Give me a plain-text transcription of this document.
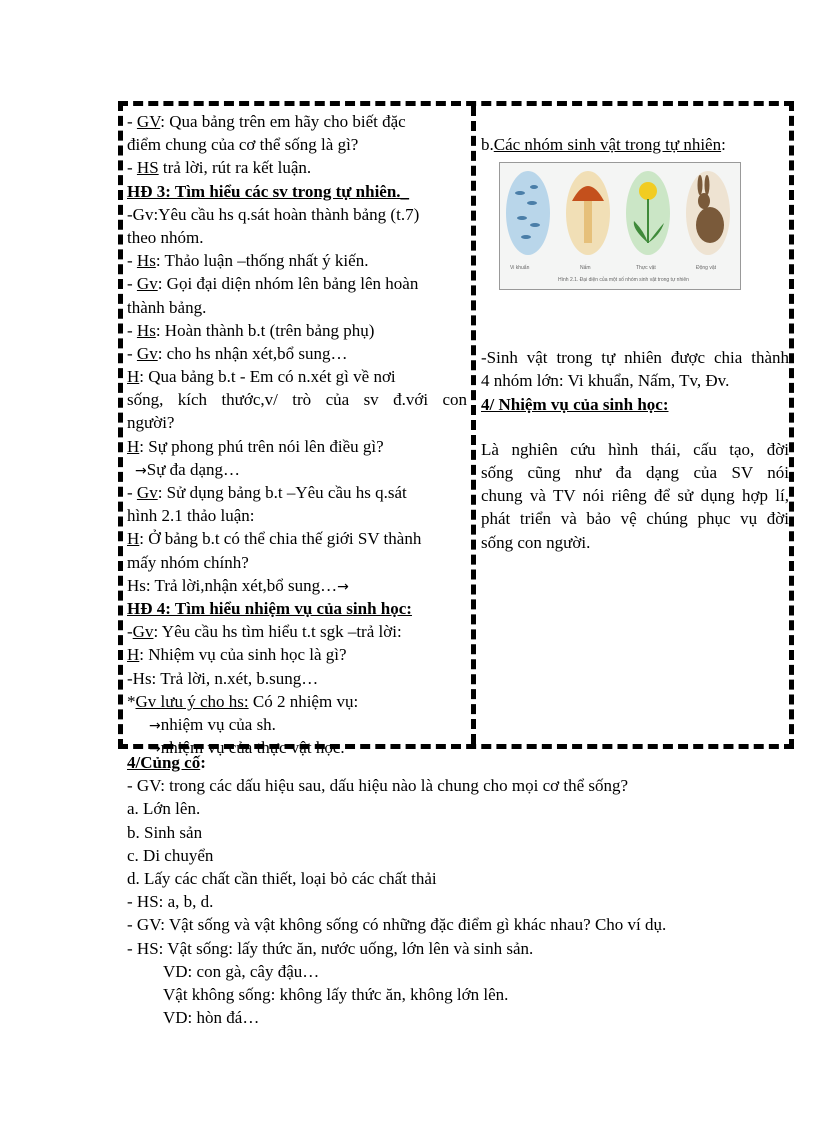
- GV: Qua bảng trên em hãy cho biết đặc
điểm chung của cơ thể sống là gì?
- HS trả lời, rút ra kết luận.
HĐ 3: Tìm hiểu các sv trong tự nhiên._
-Gv:Yêu cầu hs q.sát hoàn thành bảng (t.7)
theo nhóm.
- Hs: Thảo luận –thống nhất ý kiến.
- Gv: Gọi đại diện nhóm lên bảng lên hoàn
thành bảng.
- Hs: Hoàn thành b.t (trên bảng phụ)
- Gv: cho hs nhận xét,bổ sung…
H: Qua bảng b.t - Em có n.xét gì về nơi
sống, kích thước,v/ trò của sv đ.với con
người?
H: Sự phong phú trên nói lên điều gì?
→Sự đa dạng…
- Gv: Sử dụng bảng b.t –Yêu cầu hs q.sát
hình 2.1 thảo luận:
H: Ở bảng b.t có thể chia thế giới SV thành
mấy nhóm chính?
Hs: Trả lời,nhận xét,bổ sung…→
HĐ 4: Tìm hiểu nhiệm vụ của sinh học:
-Gv: Yêu cầu hs tìm hiểu t.t sgk –trả lời:
H: Nhiệm vụ của sinh học là gì?
-Hs: Trả lời, n.xét, b.sung…
*Gv lưu ý cho hs: Có 2 nhiệm vụ:
→nhiệm vụ của sh.
→nhiệm vụ của thực vật học.
b.Các nhóm sinh vật trong tự nhiên:
Vi khuẩn	Nấm	Thực vật	Động vật
Hình 2.1. Đại diện của một số nhóm sinh vật trong tự nhiên
-Sinh vật trong tự nhiên được chia thành
4 nhóm lớn: Vi khuẩn, Nấm, Tv, Đv.
4/ Nhiệm vụ của sinh học:
Là nghiên cứu hình thái, cấu tạo, đời
sống cũng như đa dạng của SV nói
chung và TV nói riêng để sử dụng hợp lí,
phát triển và bảo vệ chúng phục vụ đời
sống con người.
4/Củng cố:
- GV: trong các dấu hiệu sau, dấu hiệu nào là chung cho mọi cơ thể sống?
a. Lớn lên.
b. Sinh sản
c. Di chuyển
d. Lấy các chất cần thiết, loại bỏ các chất thải
- HS: a, b, d.
- GV: Vật sống và vật không sống có những đặc điểm gì khác nhau? Cho ví dụ.
- HS: Vật sống: lấy thức ăn, nước uống, lớn lên và sinh sản.
VD: con gà, cây đậu…
Vật không sống: không lấy thức ăn, không lớn lên.
VD: hòn đá…
